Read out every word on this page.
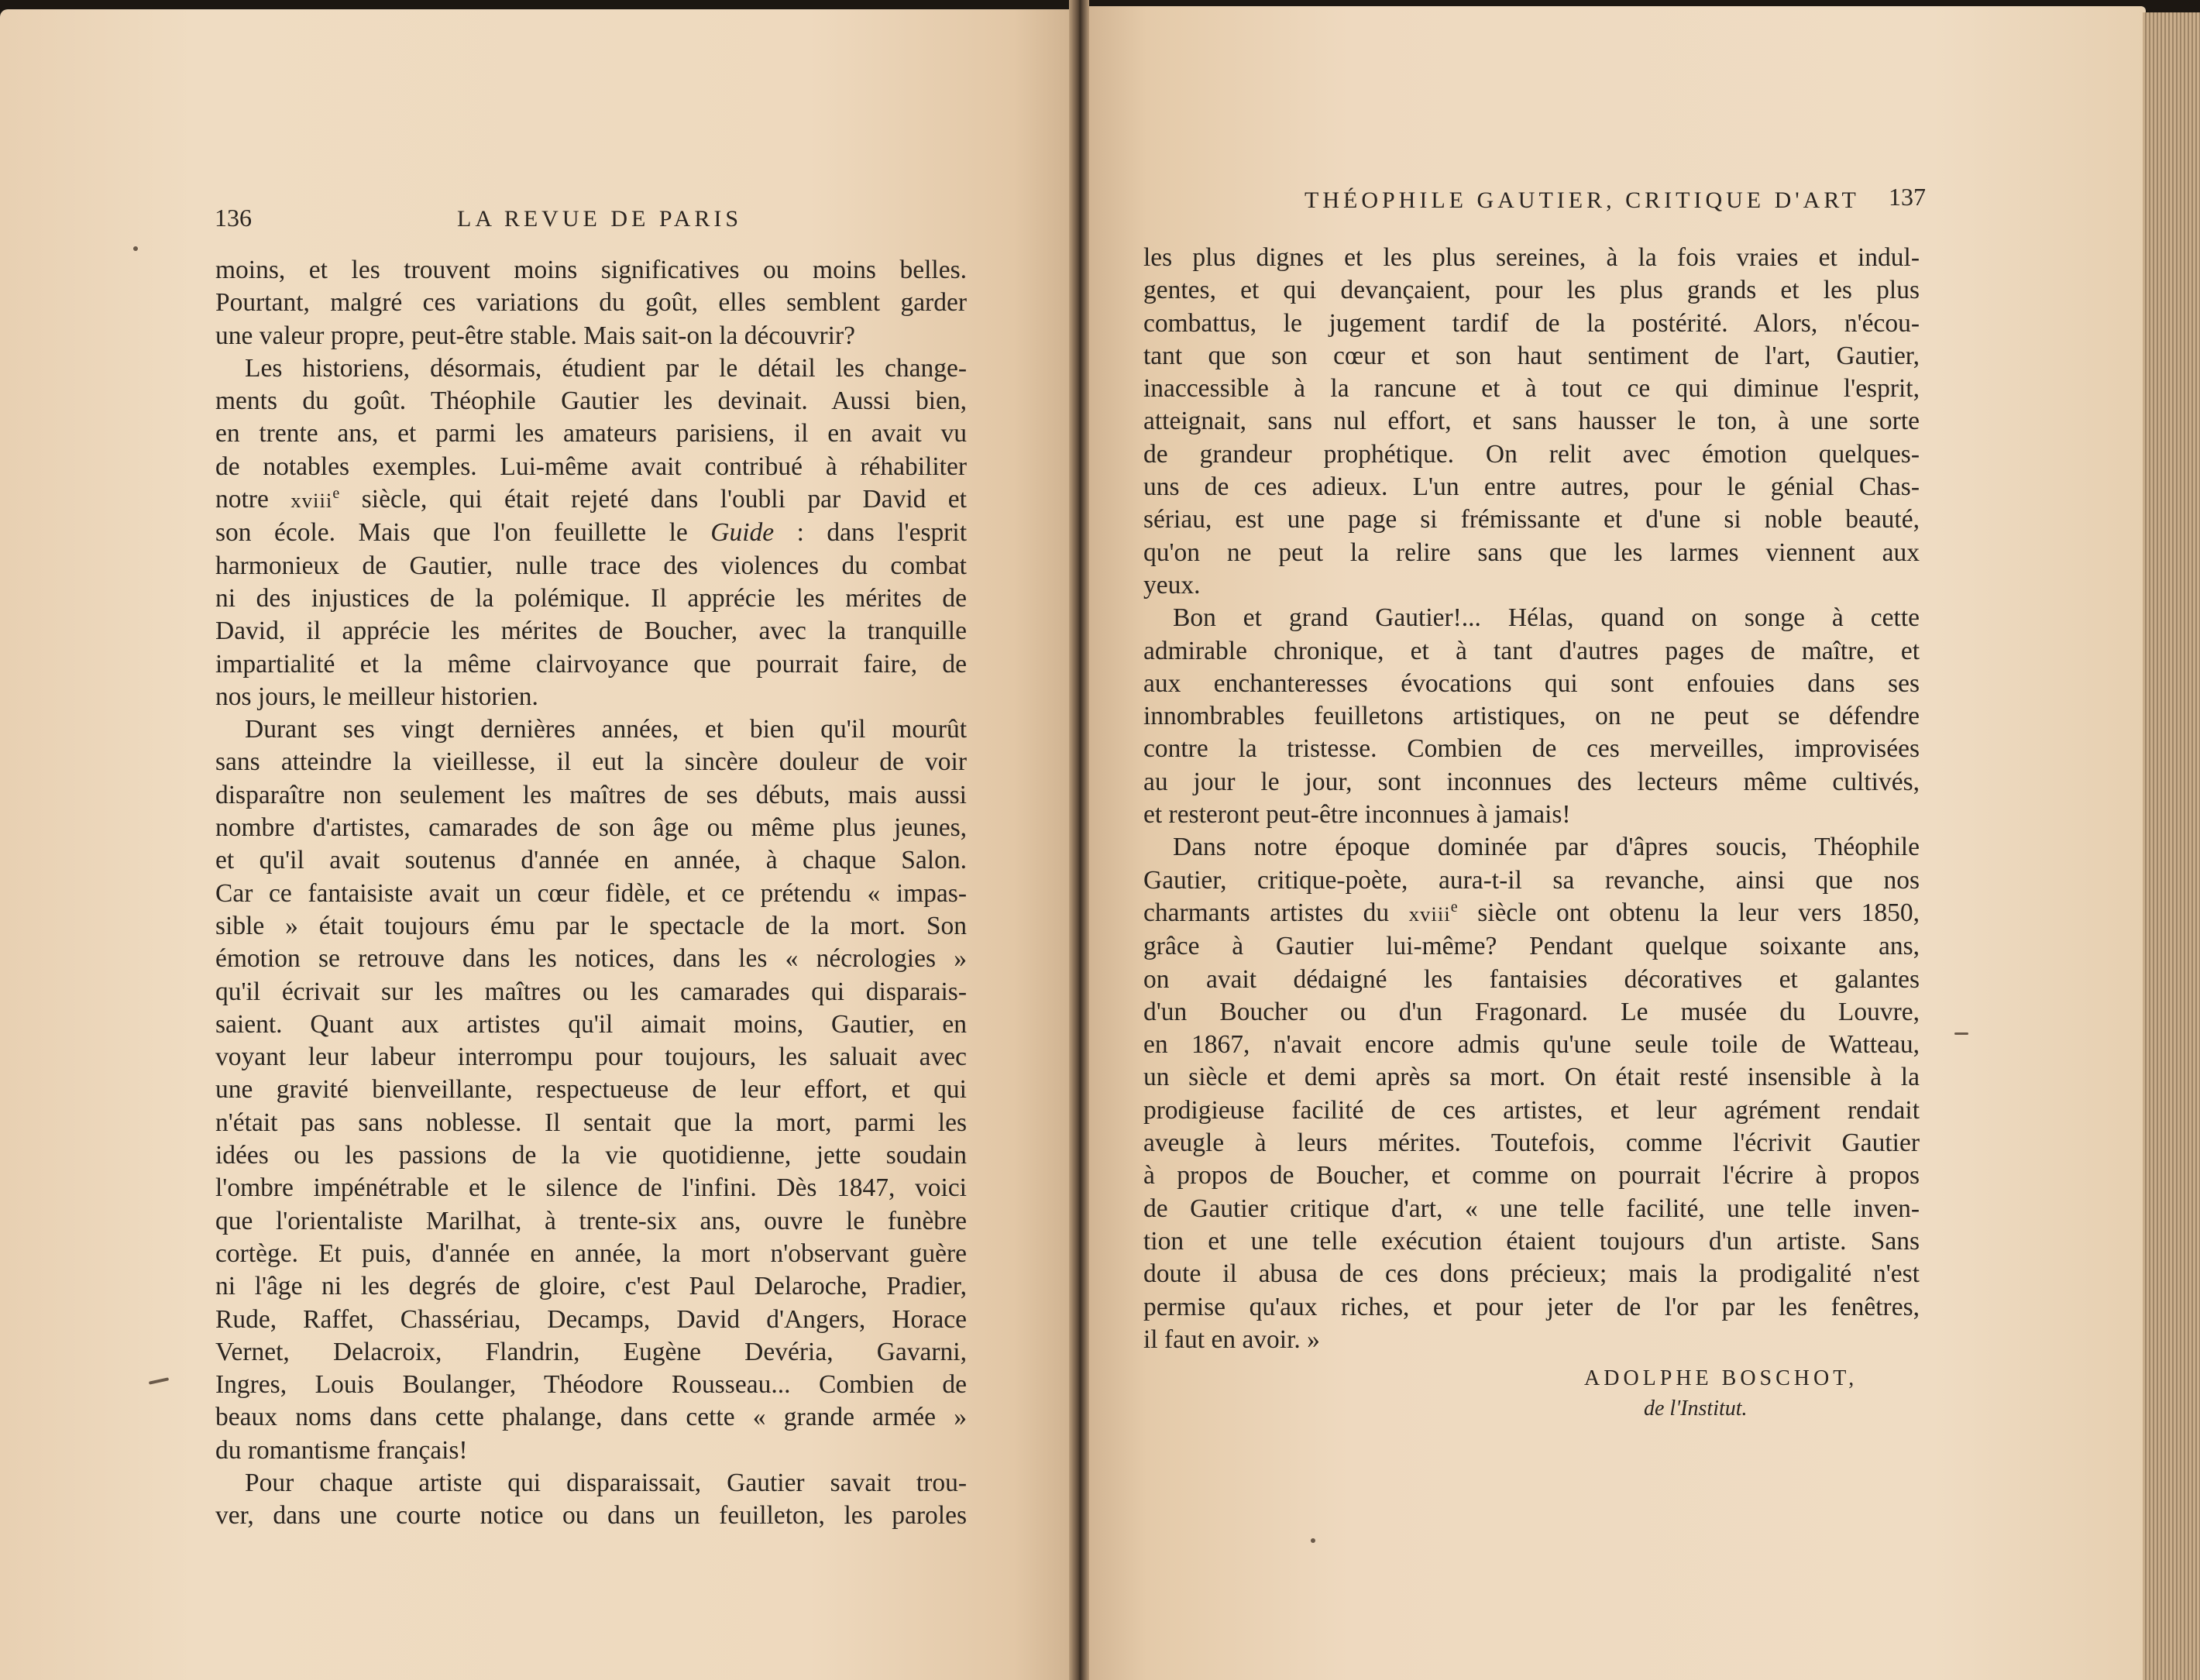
136	LA REVUE DE PARIS
moins, et les trouvent moins significatives ou moins belles.
Pourtant, malgré ces variations du goût, elles semblent garder
une valeur propre, peut-être stable. Mais sait-on la découvrir?
Les historiens, désormais, étudient par le détail les change-
ments du goût. Théophile Gautier les devinait. Aussi bien,
en trente ans, et parmi les amateurs parisiens, il en avait vu
de notables exemples. Lui-même avait contribué à réhabiliter
notre xviii$^e$ siècle, qui était rejeté dans l'oubli par David et
son école. Mais que l'on feuillette le Guide : dans l'esprit
harmonieux de Gautier, nulle trace des violences du combat
ni des injustices de la polémique. Il apprécie les mérites de
David, il apprécie les mérites de Boucher, avec la tranquille
impartialité et la même clairvoyance que pourrait faire, de
nos jours, le meilleur historien.
Durant ses vingt dernières années, et bien qu'il mourût
sans atteindre la vieillesse, il eut la sincère douleur de voir
disparaître non seulement les maîtres de ses débuts, mais aussi
nombre d'artistes, camarades de son âge ou même plus jeunes,
et qu'il avait soutenus d'année en année, à chaque Salon.
Car ce fantaisiste avait un cœur fidèle, et ce prétendu « impas-
sible » était toujours ému par le spectacle de la mort. Son
émotion se retrouve dans les notices, dans les « nécrologies »
qu'il écrivait sur les maîtres ou les camarades qui disparais-
saient. Quant aux artistes qu'il aimait moins, Gautier, en
voyant leur labeur interrompu pour toujours, les saluait avec
une gravité bienveillante, respectueuse de leur effort, et qui
n'était pas sans noblesse. Il sentait que la mort, parmi les
idées ou les passions de la vie quotidienne, jette soudain
l'ombre impénétrable et le silence de l'infini. Dès 1847, voici
que l'orientaliste Marilhat, à trente-six ans, ouvre le funèbre
cortège. Et puis, d'année en année, la mort n'observant guère
ni l'âge ni les degrés de gloire, c'est Paul Delaroche, Pradier,
Rude, Raffet, Chassériau, Decamps, David d'Angers, Horace
Vernet, Delacroix, Flandrin, Eugène Devéria, Gavarni,
Ingres, Louis Boulanger, Théodore Rousseau... Combien de
beaux noms dans cette phalange, dans cette « grande armée »
du romantisme français!
Pour chaque artiste qui disparaissait, Gautier savait trou-
ver, dans une courte notice ou dans un feuilleton, les paroles
THÉOPHILE GAUTIER, CRITIQUE D'ART 137
les plus dignes et les plus sereines, à la fois vraies et indul-
gentes, et qui devançaient, pour les plus grands et les plus
combattus, le jugement tardif de la postérité. Alors, n'écou-
tant que son cœur et son haut sentiment de l'art, Gautier,
inaccessible à la rancune et à tout ce qui diminue l'esprit,
atteignait, sans nul effort, et sans hausser le ton, à une sorte
de grandeur prophétique. On relit avec émotion quelques-
uns de ces adieux. L'un entre autres, pour le génial Chas-
sériau, est une page si frémissante et d'une si noble beauté,
qu'on ne peut la relire sans que les larmes viennent aux
yeux.
Bon et grand Gautier!... Hélas, quand on songe à cette
admirable chronique, et à tant d'autres pages de maître, et
aux enchanteresses évocations qui sont enfouies dans ses
innombrables feuilletons artistiques, on ne peut se défendre
contre la tristesse. Combien de ces merveilles, improvisées
au jour le jour, sont inconnues des lecteurs même cultivés,
et resteront peut-être inconnues à jamais!
Dans notre époque dominée par d'âpres soucis, Théophile
Gautier, critique-poète, aura-t-il sa revanche, ainsi que nos
charmants artistes du xviii$^e$ siècle ont obtenu la leur vers 1850,
grâce à Gautier lui-même? Pendant quelque soixante ans,
on avait dédaigné les fantaisies décoratives et galantes
d'un Boucher ou d'un Fragonard. Le musée du Louvre,
en 1867, n'avait encore admis qu'une seule toile de Watteau,
un siècle et demi après sa mort. On était resté insensible à la
prodigieuse facilité de ces artistes, et leur agrément rendait
aveugle à leurs mérites. Toutefois, comme l'écrivit Gautier
à propos de Boucher, et comme on pourrait l'écrire à propos
de Gautier critique d'art, « une telle facilité, une telle inven-
tion et une telle exécution étaient toujours d'un artiste. Sans
doute il abusa de ces dons précieux; mais la prodigalité n'est
permise qu'aux riches, et pour jeter de l'or par les fenêtres,
il faut en avoir. »
ADOLPHE BOSCHOT,
de l'Institut.
